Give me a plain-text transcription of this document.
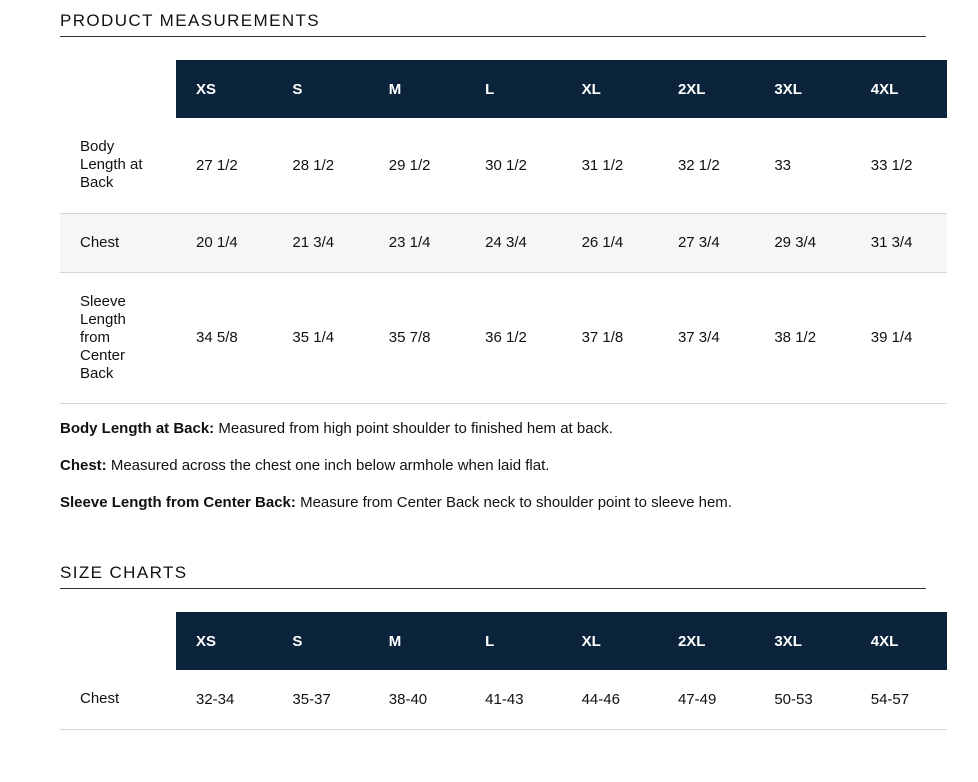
PRODUCT MEASUREMENTS
	XS	S	M	L	XL	2XL	3XL	4XL

Body Length at Back	27 1/2	28 1/2	29 1/2	30 1/2	31 1/2	32 1/2	33	33 1/2
Chest	20 1/4	21 3/4	23 1/4	24 3/4	26 1/4	27 3/4	29 3/4	31 3/4

Sleeve Length from Center Back	34 5/8	35 1/4	35 7/8	36 1/2	37 1/8	37 3/4	38 1/2	39 1/4

Body Length at Back: Measured from high point shoulder to finished hem at back.

Chest: Measured across the chest one inch below armhole when laid flat.

Sleeve Length from Center Back: Measure from Center Back neck to shoulder point to sleeve hem.

SIZE CHARTS
	XS	S	M	L	XL	2XL	3XL	4XL
Chest	32-34	35-37	38-40	41-43	44-46	47-49	50-53	54-57
